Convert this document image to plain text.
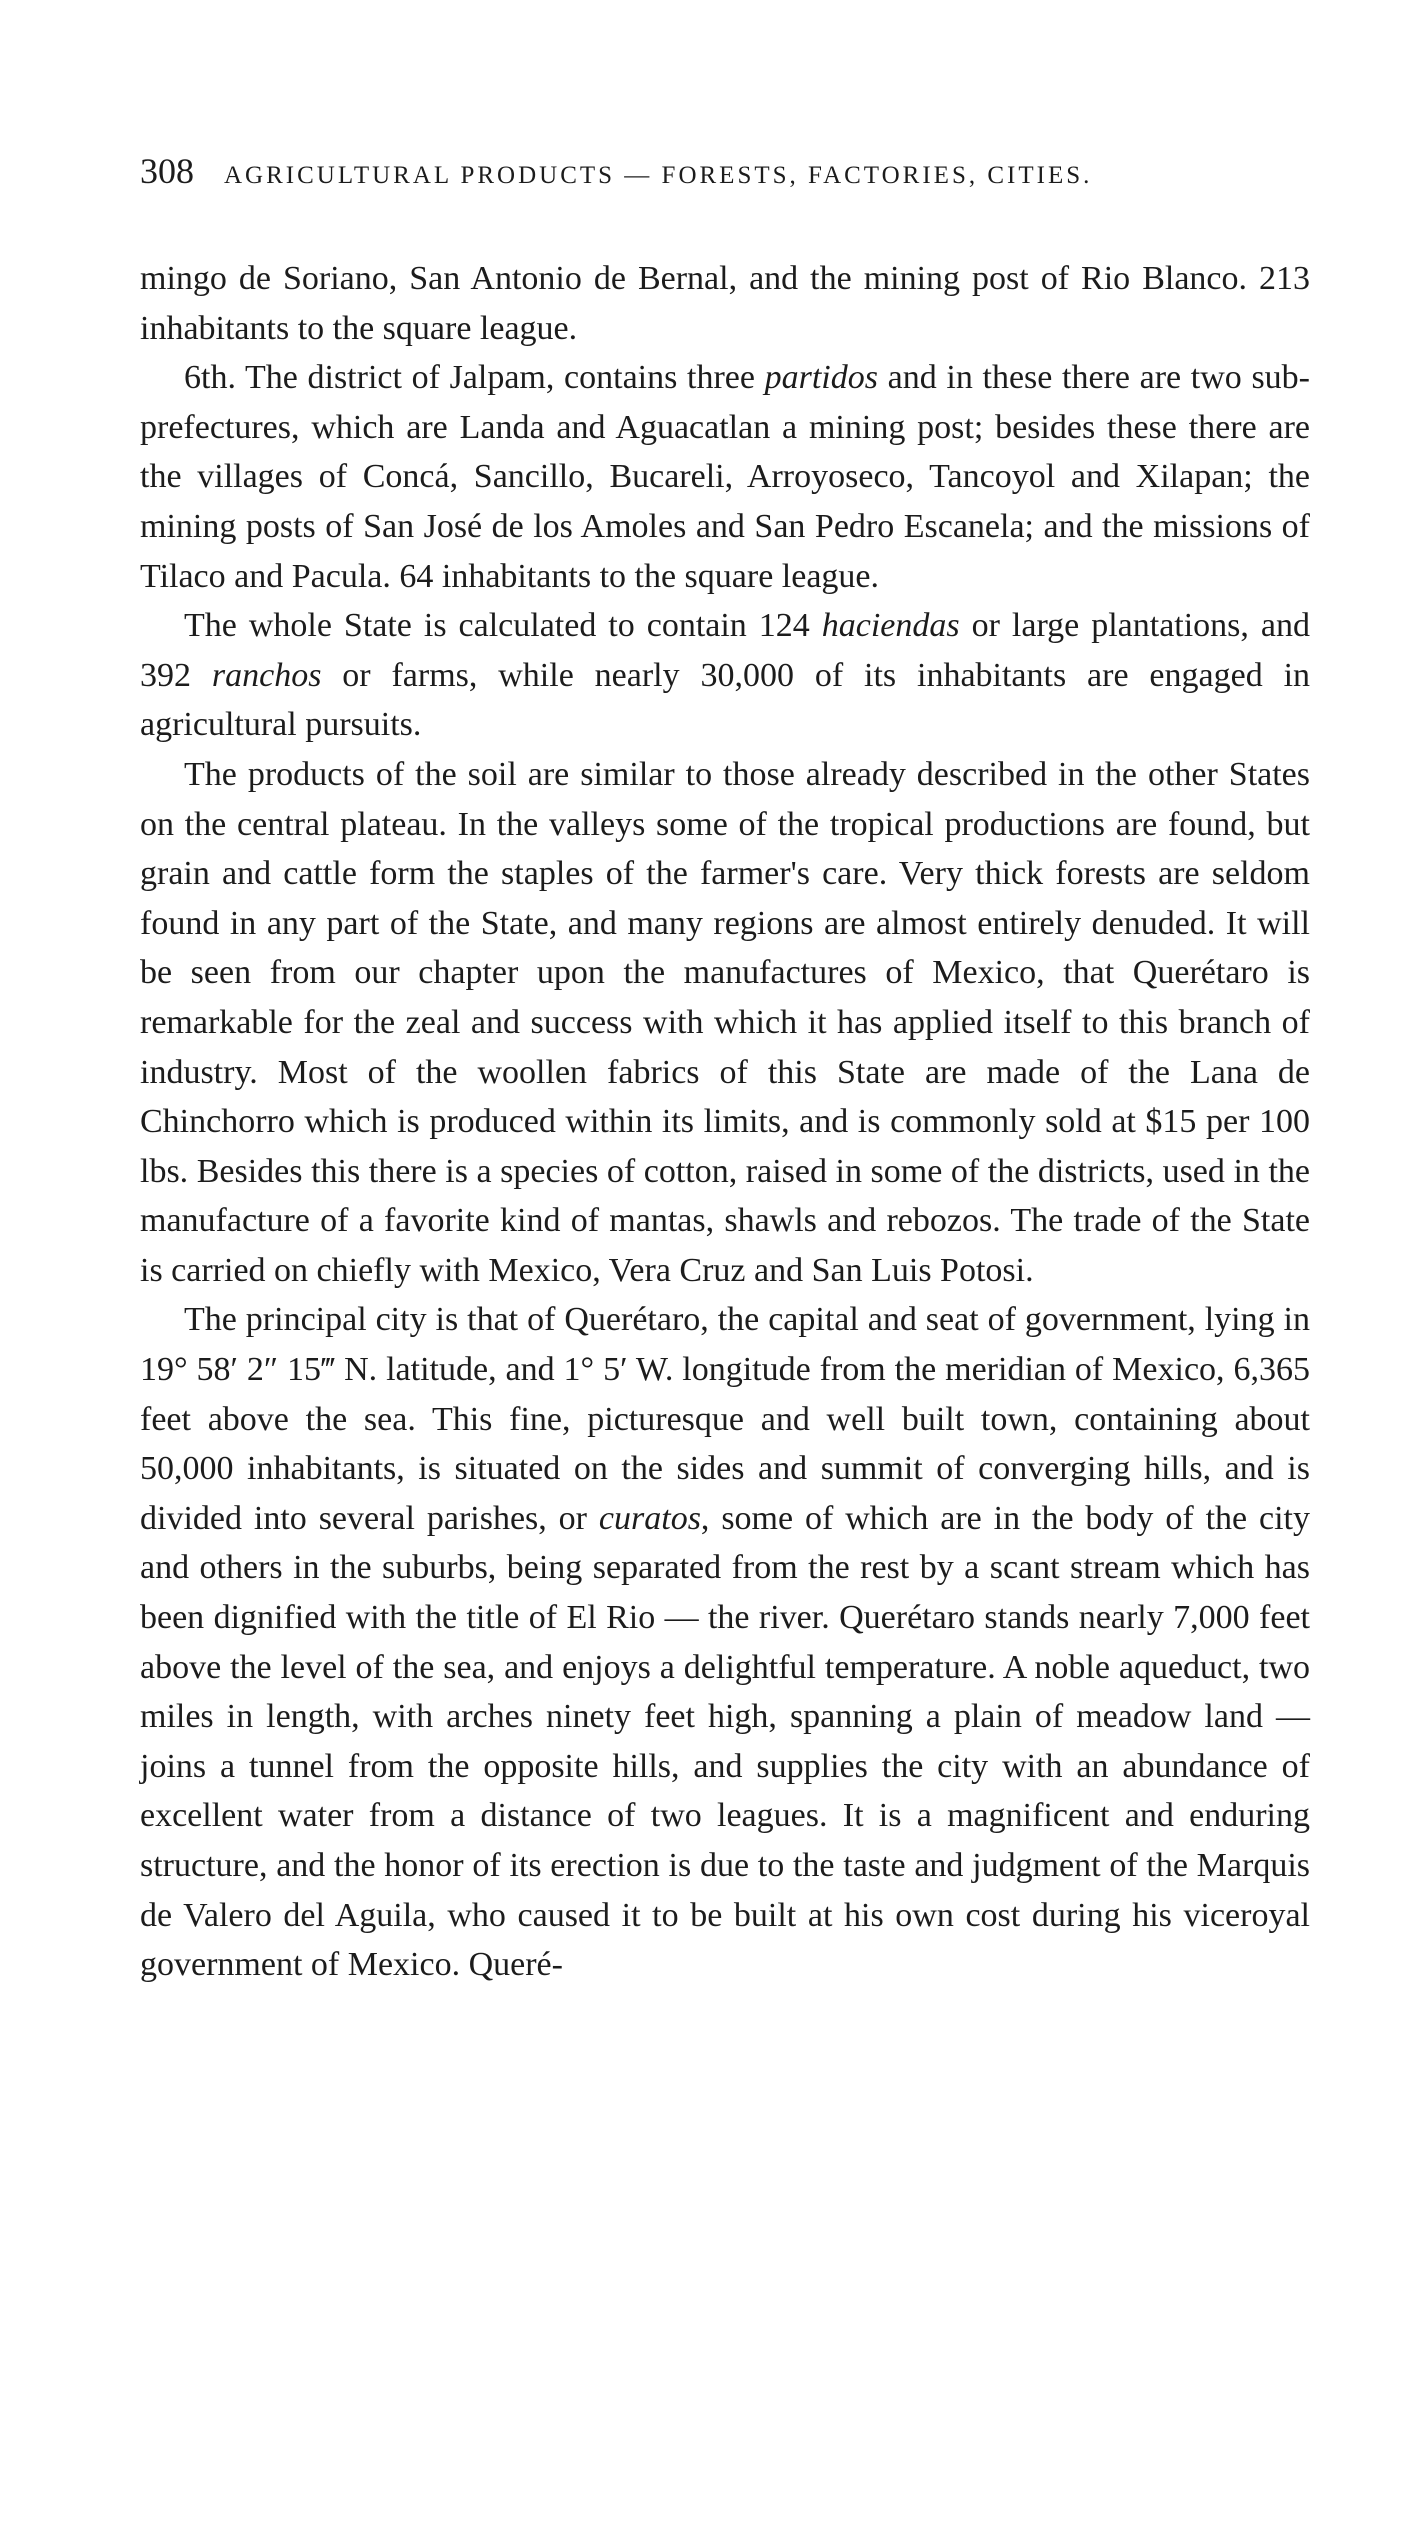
308 AGRICULTURAL PRODUCTS — FORESTS, FACTORIES, CITIES.

mingo de Soriano, San Antonio de Bernal, and the mining post of Rio Blanco. 213 inhabitants to the square league.

6th. The district of Jalpam, contains three partidos and in these there are two sub-prefectures, which are Landa and Aguacatlan a mining post; besides these there are the villages of Concá, Sancillo, Bucareli, Arroyoseco, Tancoyol and Xilapan; the mining posts of San José de los Amoles and San Pedro Escanela; and the missions of Tilaco and Pacula. 64 inhabitants to the square league.

The whole State is calculated to contain 124 haciendas or large plantations, and 392 ranchos or farms, while nearly 30,000 of its inhabitants are engaged in agricultural pursuits.

The products of the soil are similar to those already described in the other States on the central plateau. In the valleys some of the tropical productions are found, but grain and cattle form the staples of the farmer's care. Very thick forests are seldom found in any part of the State, and many regions are almost entirely denuded. It will be seen from our chapter upon the manufactures of Mexico, that Querétaro is remarkable for the zeal and success with which it has applied itself to this branch of industry. Most of the woollen fabrics of this State are made of the Lana de Chinchorro which is produced within its limits, and is commonly sold at $15 per 100 lbs. Besides this there is a species of cotton, raised in some of the districts, used in the manufacture of a favorite kind of mantas, shawls and rebozos. The trade of the State is carried on chiefly with Mexico, Vera Cruz and San Luis Potosi.

The principal city is that of Querétaro, the capital and seat of government, lying in 19° 58′ 2″ 15‴ N. latitude, and 1° 5′ W. longitude from the meridian of Mexico, 6,365 feet above the sea. This fine, picturesque and well built town, containing about 50,000 inhabitants, is situated on the sides and summit of converging hills, and is divided into several parishes, or curatos, some of which are in the body of the city and others in the suburbs, being separated from the rest by a scant stream which has been dignified with the title of El Rio — the river. Querétaro stands nearly 7,000 feet above the level of the sea, and enjoys a delightful temperature. A noble aqueduct, two miles in length, with arches ninety feet high, spanning a plain of meadow land — joins a tunnel from the opposite hills, and supplies the city with an abundance of excellent water from a distance of two leagues. It is a magnificent and enduring structure, and the honor of its erection is due to the taste and judgment of the Marquis de Valero del Aguila, who caused it to be built at his own cost during his viceroyal government of Mexico. Queré-
